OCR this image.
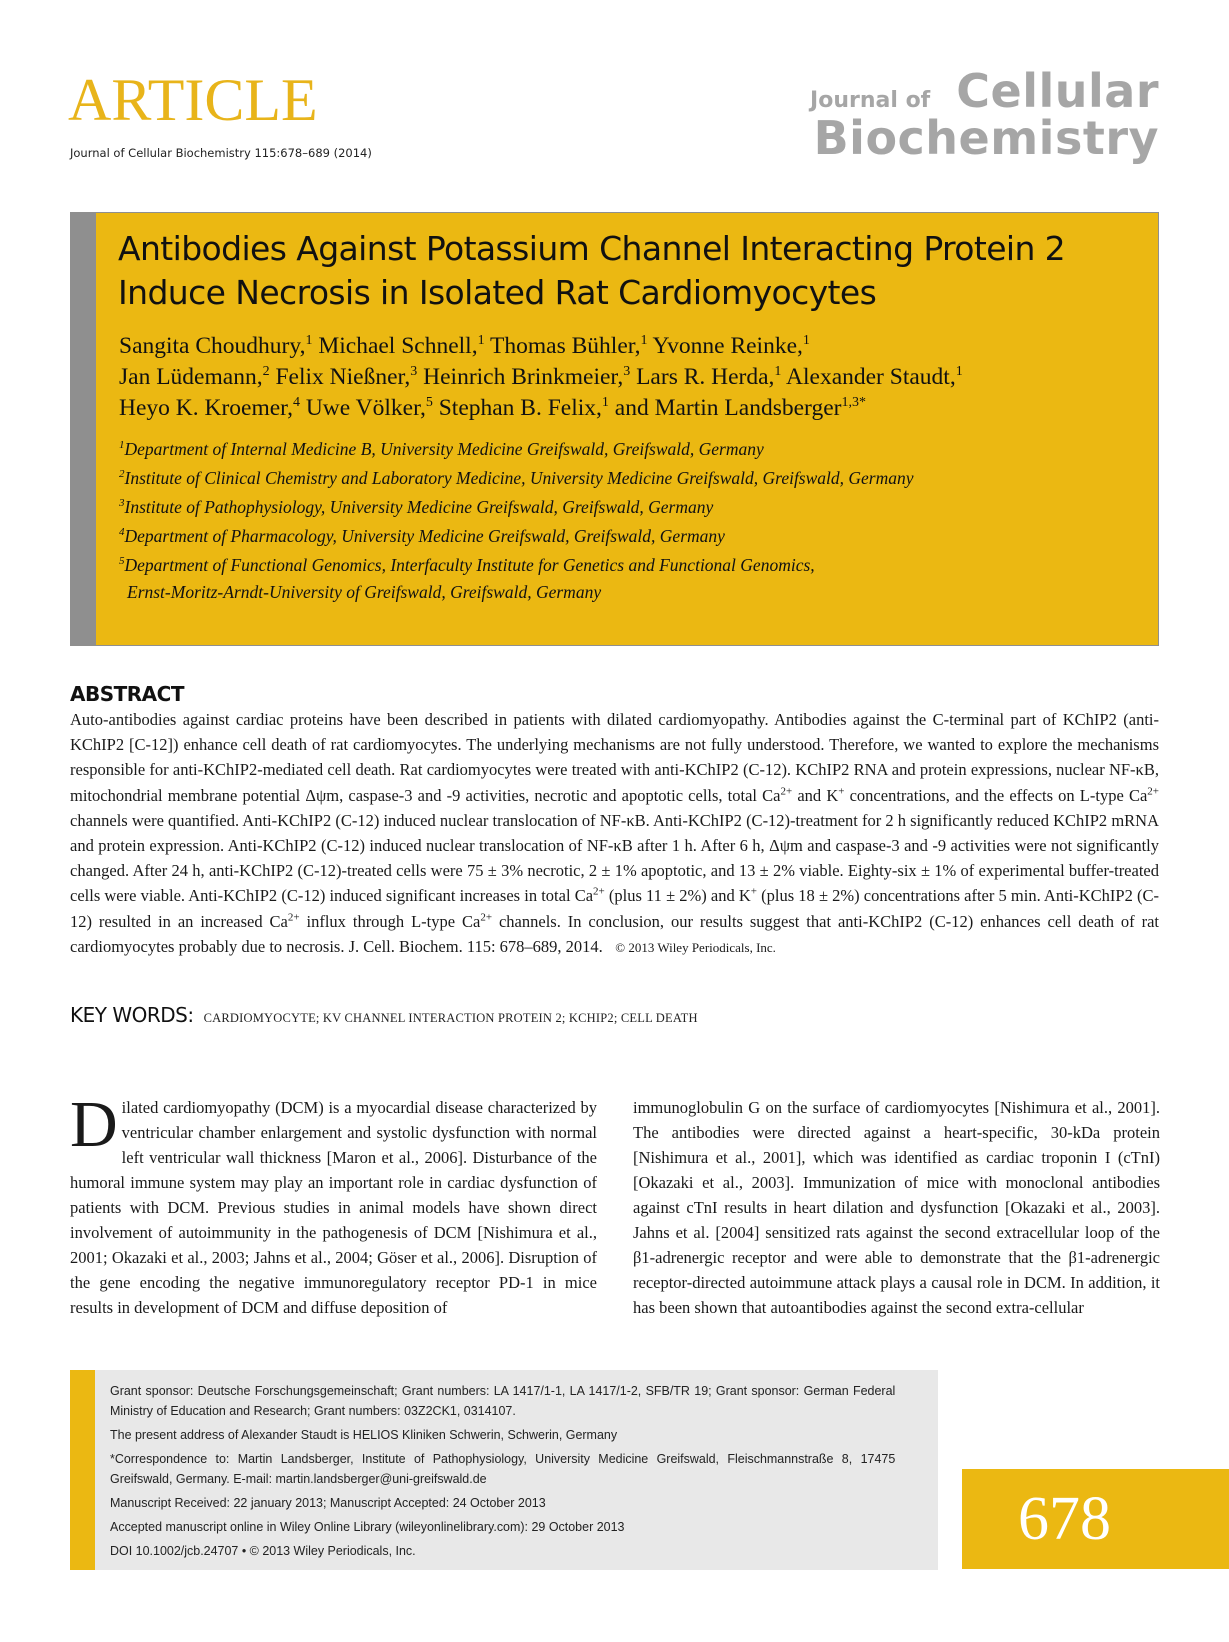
ARTICLE
Journal of Cellular Biochemistry 115:678–689 (2014)
Journal of Cellular
Biochemistry
Antibodies Against Potassium Channel Interacting Protein 2 Induce Necrosis in Isolated Rat Cardiomyocytes
Sangita Choudhury,$^1$ Michael Schnell,$^1$ Thomas Bühler,$^1$ Yvonne Reinke,$^1$
Jan Lüdemann,$^2$ Felix Nießner,$^3$ Heinrich Brinkmeier,$^3$ Lars R. Herda,$^1$ Alexander Staudt,$^1$
Heyo K. Kroemer,$^4$ Uwe Völker,$^5$ Stephan B. Felix,$^1$ and Martin Landsberger$^{1,3*}$
$^1$Department of Internal Medicine B, University Medicine Greifswald, Greifswald, Germany
$^2$Institute of Clinical Chemistry and Laboratory Medicine, University Medicine Greifswald, Greifswald, Germany
$^3$Institute of Pathophysiology, University Medicine Greifswald, Greifswald, Germany
$^4$Department of Pharmacology, University Medicine Greifswald, Greifswald, Germany
$^5$Department of Functional Genomics, Interfaculty Institute for Genetics and Functional Genomics,
Ernst-Moritz-Arndt-University of Greifswald, Greifswald, Germany
ABSTRACT
Auto-antibodies against cardiac proteins have been described in patients with dilated cardiomyopathy. Antibodies against the C-terminal part of KChIP2 (anti-KChIP2 [C-12]) enhance cell death of rat cardiomyocytes. The underlying mechanisms are not fully understood. Therefore, we wanted to explore the mechanisms responsible for anti-KChIP2-mediated cell death. Rat cardiomyocytes were treated with anti-KChIP2 (C-12). KChIP2 RNA and protein expressions, nuclear NF-κB, mitochondrial membrane potential Δψm, caspase-3 and -9 activities, necrotic and apoptotic cells, total $Ca^{2+}$ and K+ concentrations, and the effects on L-type $Ca^{2+}$ channels were quantified. Anti-KChIP2 (C-12) induced nuclear translocation of NF-κB. Anti-KChIP2 (C-12)-treatment for 2 h significantly reduced KChIP2 mRNA and protein expression. Anti-KChIP2 (C-12) induced nuclear translocation of NF-κB after 1 h. After 6 h, Δψm and caspase-3 and -9 activities were not significantly changed. After 24 h, anti-KChIP2 (C-12)-treated cells were 75 ± 3% necrotic, 2 ± 1% apoptotic, and 13 ± 2% viable. Eighty-six ± 1% of experimental buffer-treated cells were viable. Anti-KChIP2 (C-12) induced significant increases in total $Ca^{2+}$ (plus 11 ± 2%) and K+ (plus 18 ± 2%) concentrations after 5 min. Anti-KChIP2 (C-12) resulted in an increased $Ca^{2+}$ influx through L-type $Ca^{2+}$ channels. In conclusion, our results suggest that anti-KChIP2 (C-12) enhances cell death of rat cardiomyocytes probably due to necrosis. J. Cell. Biochem. 115: 678–689, 2014. © 2013 Wiley Periodicals, Inc.
KEY WORDS: CARDIOMYOCYTE; KV CHANNEL INTERACTION PROTEIN 2; KCHIP2; CELL DEATH
Dilated cardiomyopathy (DCM) is a myocardial disease characterized by ventricular chamber enlargement and systolic dysfunction with normal left ventricular wall thickness [Maron et al., 2006]. Disturbance of the humoral immune system may play an important role in cardiac dysfunction of patients with DCM. Previous studies in animal models have shown direct involvement of autoimmunity in the pathogenesis of DCM [Nishimura et al., 2001; Okazaki et al., 2003; Jahns et al., 2004; Göser et al., 2006]. Disruption of the gene encoding the negative immunoregulatory receptor PD-1 in mice results in development of DCM and diffuse deposition of
immunoglobulin G on the surface of cardiomyocytes [Nishimura et al., 2001]. The antibodies were directed against a heart-specific, 30-kDa protein [Nishimura et al., 2001], which was identified as cardiac troponin I (cTnI) [Okazaki et al., 2003]. Immunization of mice with monoclonal antibodies against cTnI results in heart dilation and dysfunction [Okazaki et al., 2003]. Jahns et al. [2004] sensitized rats against the second extracellular loop of the β1-adrenergic receptor and were able to demonstrate that the β1-adrenergic receptor-directed autoimmune attack plays a causal role in DCM. In addition, it has been shown that autoantibodies against the second extra-cellular
Grant sponsor: Deutsche Forschungsgemeinschaft; Grant numbers: LA 1417/1-1, LA 1417/1-2, SFB/TR 19; Grant sponsor: German Federal Ministry of Education and Research; Grant numbers: 03Z2CK1, 0314107.
The present address of Alexander Staudt is HELIOS Kliniken Schwerin, Schwerin, Germany
*Correspondence to: Martin Landsberger, Institute of Pathophysiology, University Medicine Greifswald, Fleischmannstraße 8, 17475 Greifswald, Germany. E-mail: martin.landsberger@uni-greifswald.de
Manuscript Received: 22 january 2013; Manuscript Accepted: 24 October 2013
Accepted manuscript online in Wiley Online Library (wileyonlinelibrary.com): 29 October 2013
DOI 10.1002/jcb.24707 • © 2013 Wiley Periodicals, Inc.	678
